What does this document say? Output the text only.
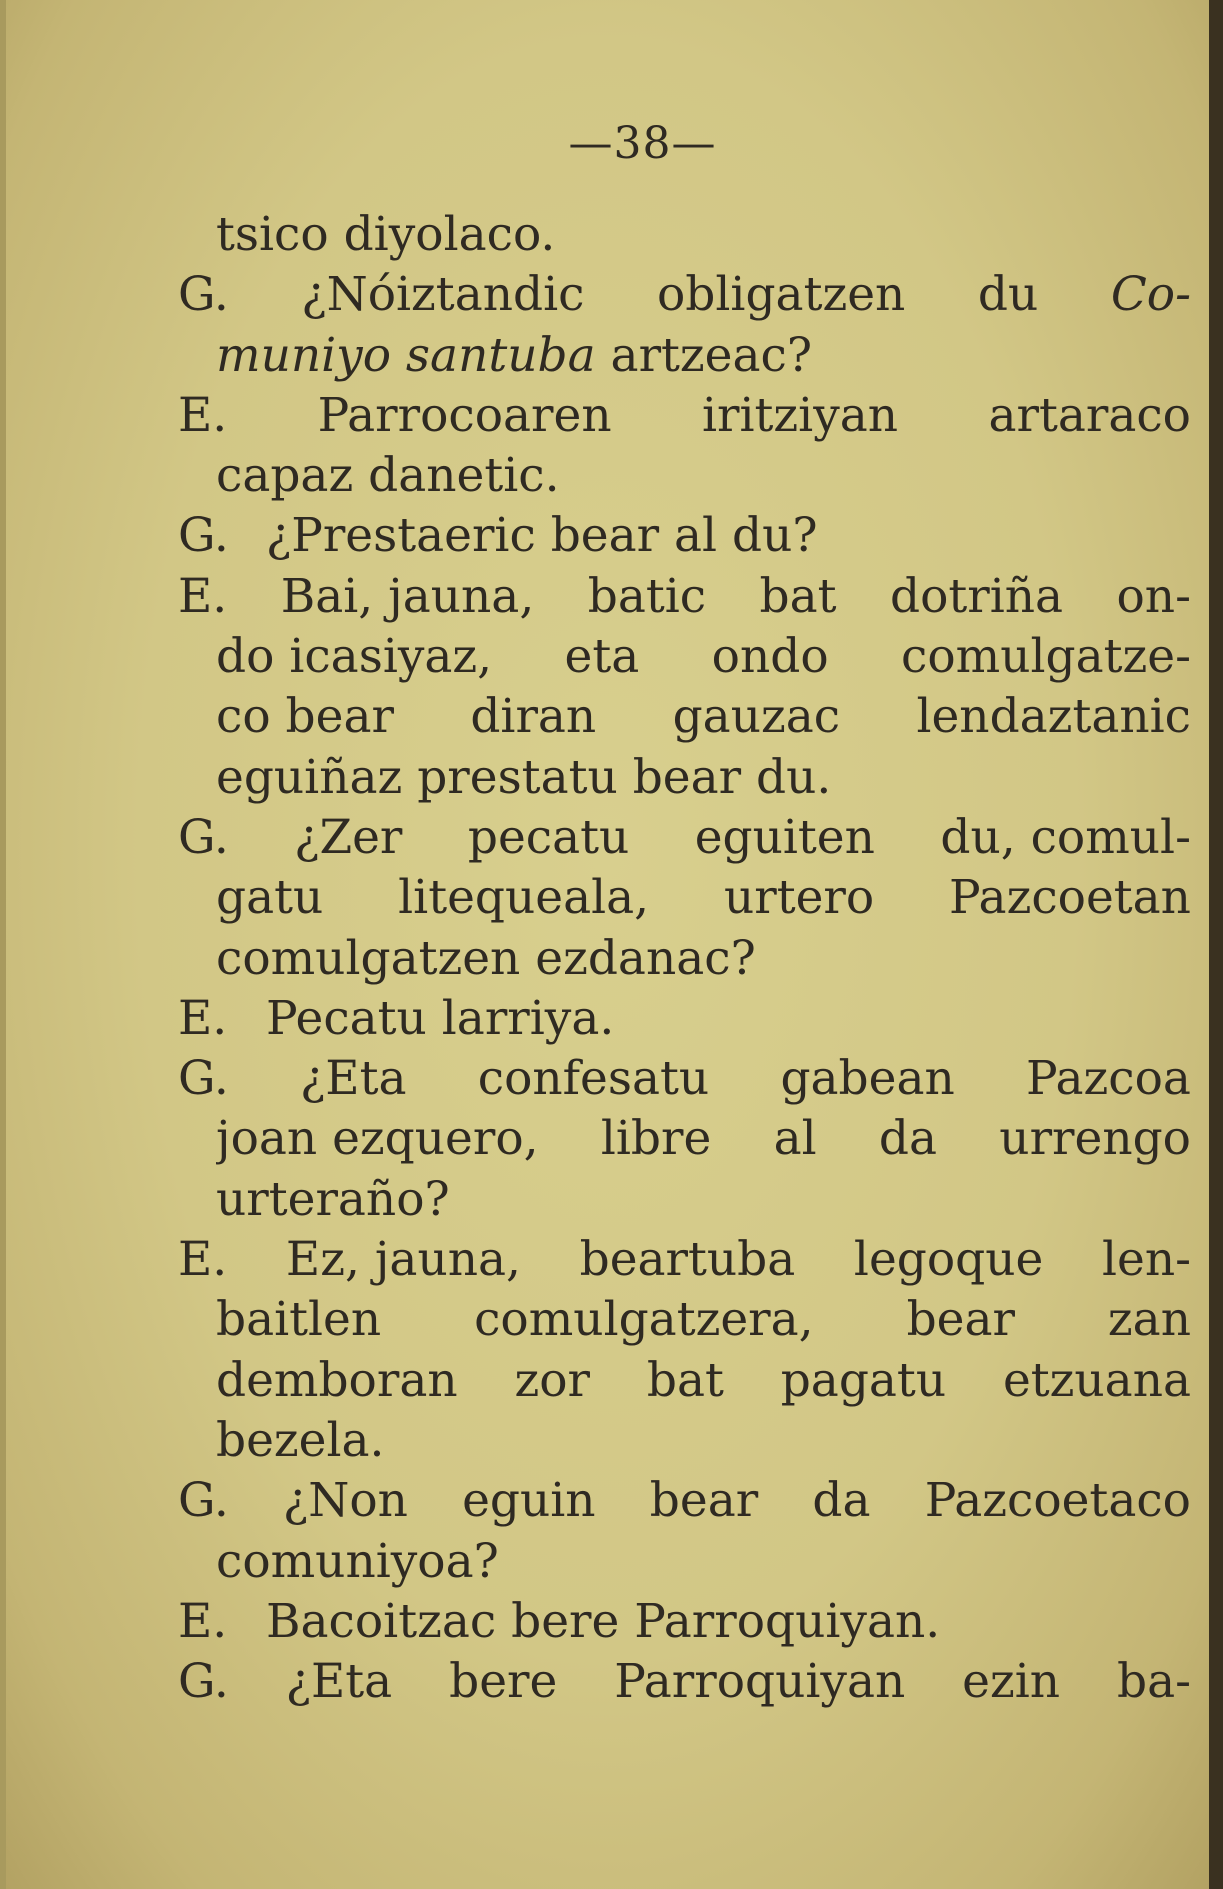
—38—
tsico diyolaco.
G. ¿Nóiztandic obligatzen du Co-
muniyo santuba artzeac?
E. Parrocoaren iritziyan artaraco
capaz danetic.
G. ¿Prestaeric bear al du?
E. Bai, jauna, batic bat dotriña on-
do icasiyaz, eta ondo comulgatze-
co bear diran gauzac lendaztanic
eguiñaz prestatu bear du.
G. ¿Zer pecatu eguiten du, comul-
gatu litequeala, urtero Pazcoetan
comulgatzen ezdanac?
E. Pecatu larriya.
G. ¿Eta confesatu gabean Pazcoa
joan ezquero, libre al da urrengo
urteraño?
E. Ez, jauna, beartuba legoque len-
baitlen comulgatzera, bear zan
demboran zor bat pagatu etzuana
bezela.
G. ¿Non eguin bear da Pazcoetaco
comuniyoa?
E. Bacoitzac bere Parroquiyan.
G. ¿Eta bere Parroquiyan ezin ba-
